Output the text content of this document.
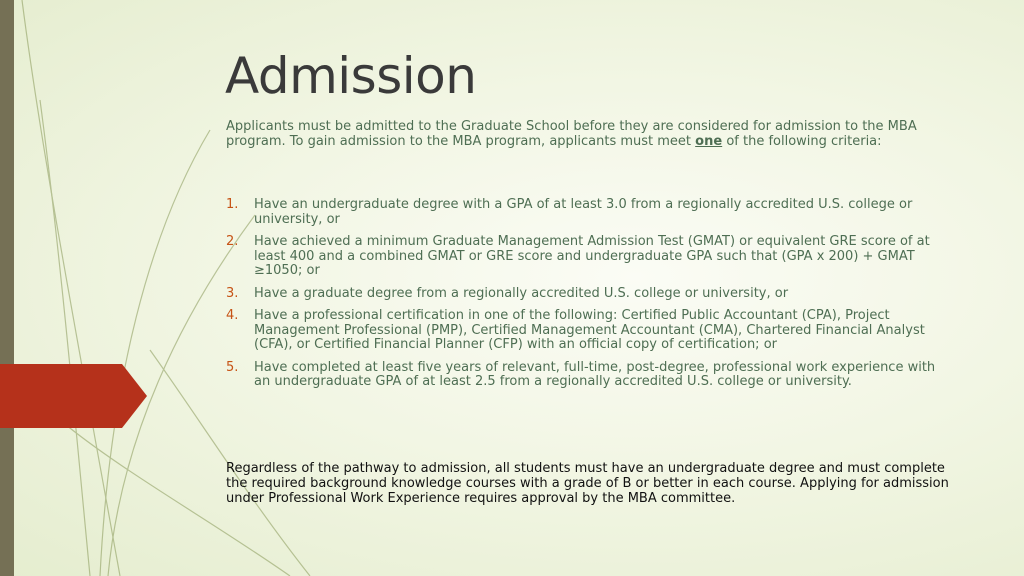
Admission

Applicants must be admitted to the Graduate School before they are considered for admission to the MBA program. To gain admission to the MBA program, applicants must meet one of the following criteria:

1. Have an undergraduate degree with a GPA of at least 3.0 from a regionally accredited U.S. college or university, or
2. Have achieved a minimum Graduate Management Admission Test (GMAT) or equivalent GRE score of at least 400 and a combined GMAT or GRE score and undergraduate GPA such that (GPA x 200) + GMAT ≥1050; or
3. Have a graduate degree from a regionally accredited U.S. college or university, or
4. Have a professional certification in one of the following: Certified Public Accountant (CPA), Project Management Professional (PMP), Certified Management Accountant (CMA), Chartered Financial Analyst (CFA), or Certified Financial Planner (CFP) with an official copy of certification; or
5. Have completed at least five years of relevant, full-time, post-degree, professional work experience with an undergraduate GPA of at least 2.5 from a regionally accredited U.S. college or university.

Regardless of the pathway to admission, all students must have an undergraduate degree and must complete the required background knowledge courses with a grade of B or better in each course. Applying for admission under Professional Work Experience requires approval by the MBA committee.
